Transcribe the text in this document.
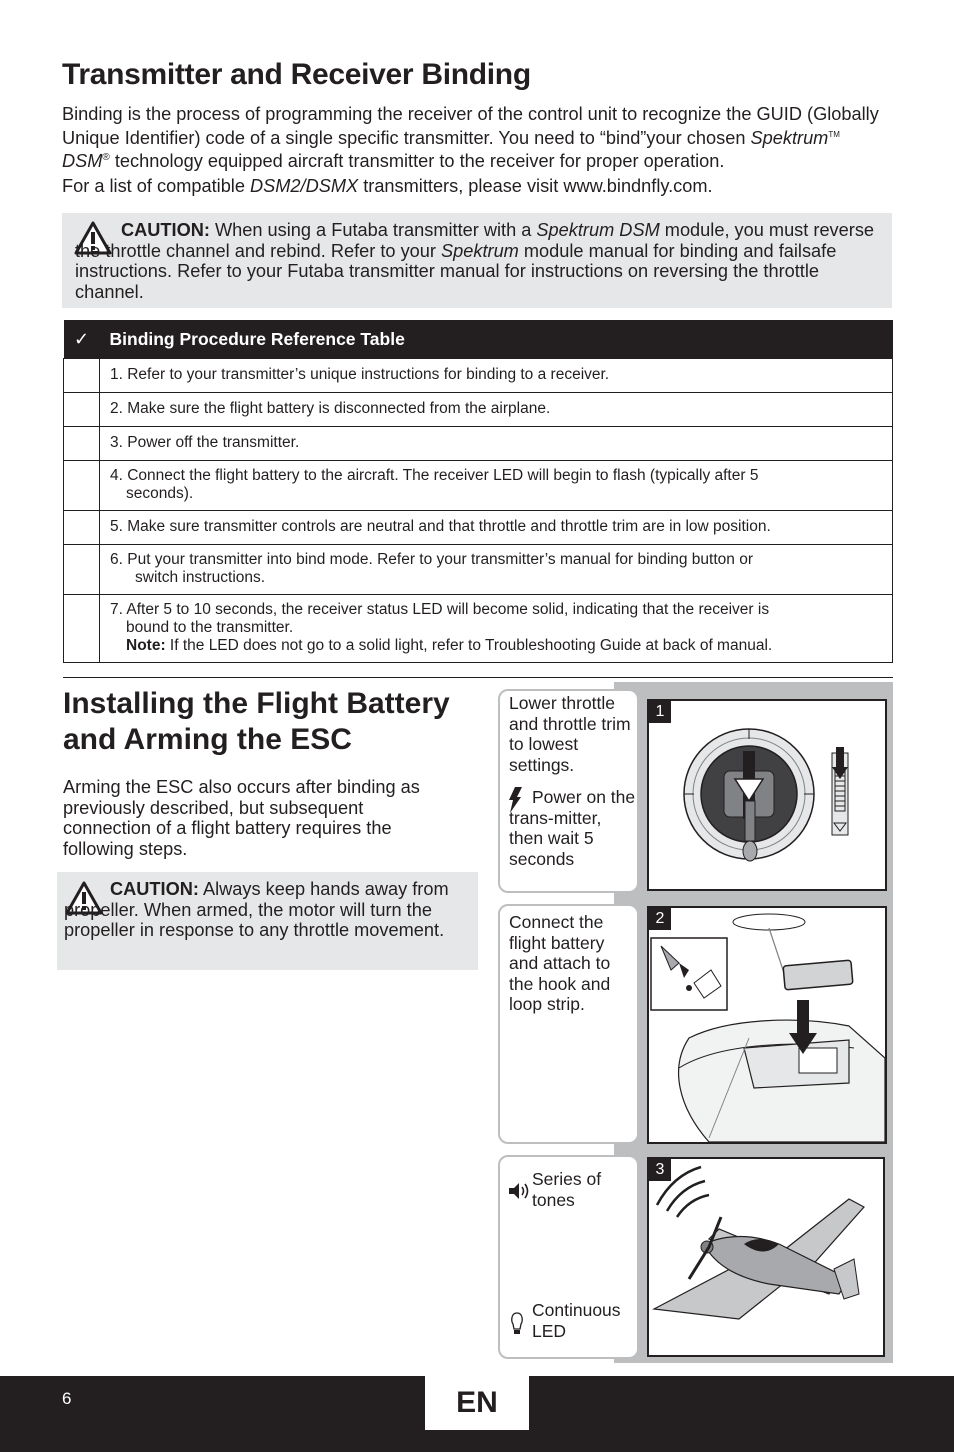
Transmitter and Receiver Binding
Binding is the process of programming the receiver of the control unit to recognize the GUID (Globally Unique Identifier) code of a single specific transmitter. You need to “bind”your chosen Spektrum™ DSM® technology equipped aircraft transmitter to the receiver for proper operation.
For a list of compatible DSM2/DSMX transmitters, please visit www.bindnfly.com.
CAUTION: When using a Futaba transmitter with a Spektrum DSM module, you must reverse the throttle channel and rebind. Refer to your Spektrum module manual for binding and failsafe instructions. Refer to your Futaba transmitter manual for instructions on reversing the throttle channel.
✓	Binding Procedure Reference Table
	1. Refer to your transmitter’s unique instructions for binding to a receiver.
	2. Make sure the flight battery is disconnected from the airplane.
	3. Power off the transmitter.

	4. Connect the flight battery to the aircraft. The receiver LED will begin to flash (typically after 5
seconds).

	5. Make sure transmitter controls are neutral and that throttle and throttle trim are in low position.

	6. Put your transmitter into bind mode. Refer to your transmitter’s manual for binding button or
switch instructions.

	7. After 5 to 10 seconds, the receiver status LED will become solid, indicating that the receiver is
bound to the transmitter.
Note: If the LED does not go to a solid light, refer to Troubleshooting Guide at back of manual.
Installing the Flight Battery and Arming the ESC
Arming the ESC also occurs after binding as previously described, but subsequent connection of a flight battery requires the following steps.
CAUTION: Always keep hands away from propeller. When armed, the motor will turn the propeller in response to any throttle movement.
Lower throttle and throttle trim to lowest settings.
Power on the trans-mitter, then wait 5 seconds
1
Connect the flight battery and attach to the hook and loop strip.
2
Series of tones
Continuous LED
3
6	EN
